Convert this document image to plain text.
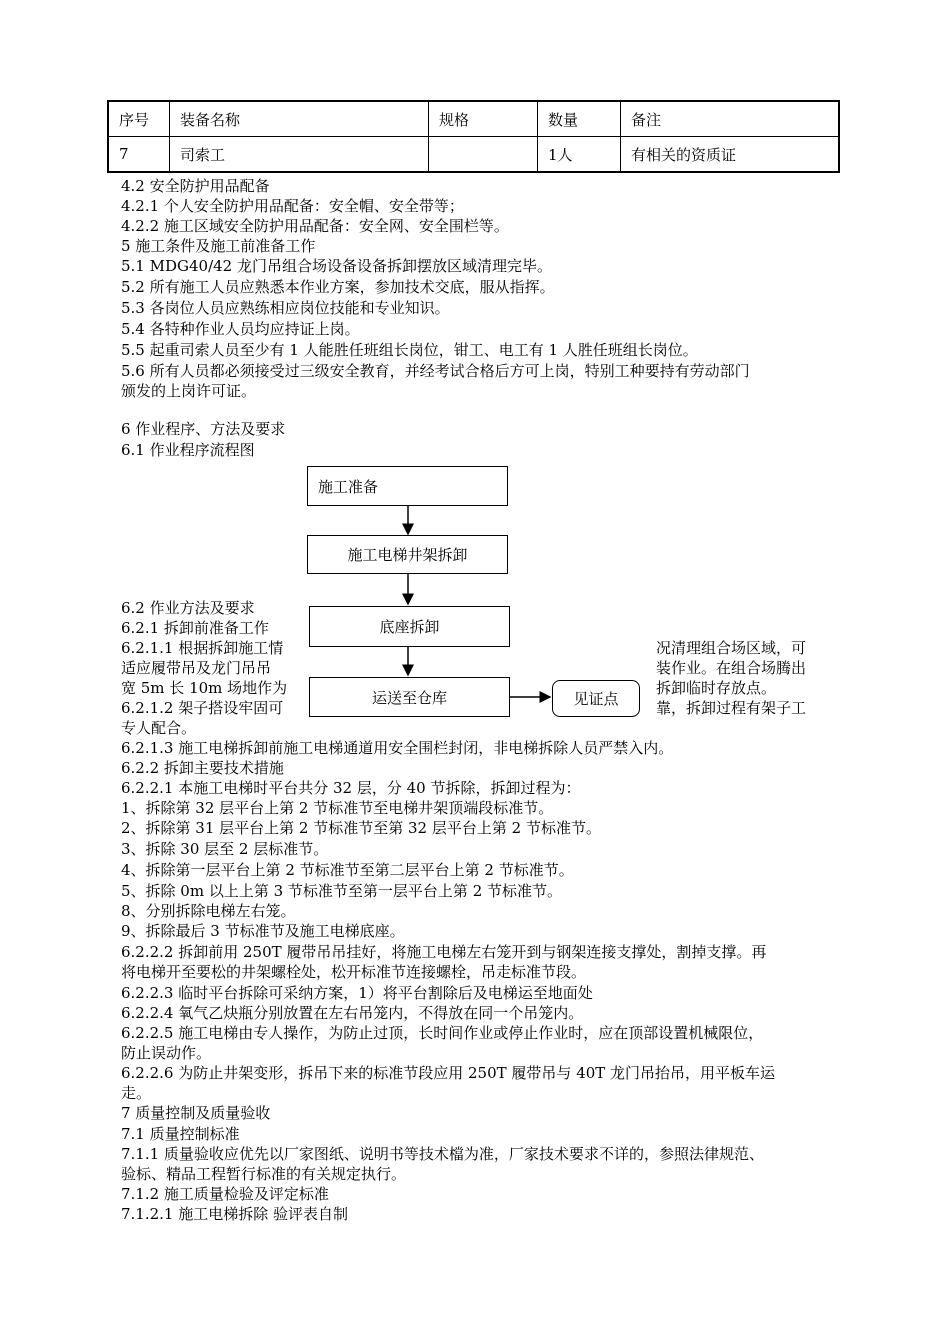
序号	装备名称	规格	数量	备注
7	司索工		1人	有相关的资质证
4.2 安全防护用品配备
4.2.1 个人安全防护用品配备：安全帽、安全带等；
4.2.2 施工区域安全防护用品配备：安全网、安全围栏等。
5 施工条件及施工前准备工作
5.1 MDG40/42 龙门吊组合场设备设备拆卸摆放区域清理完毕。
5.2 所有施工人员应熟悉本作业方案，参加技术交底，服从指挥。
5.3 各岗位人员应熟练相应岗位技能和专业知识。
5.4 各特种作业人员均应持证上岗。
5.5 起重司索人员至少有 1 人能胜任班组长岗位，钳工、电工有 1 人胜任班组长岗位。
5.6 所有人员都必须接受过三级安全教育，并经考试合格后方可上岗，特别工种要持有劳动部门
颁发的上岗许可证。
6 作业程序、方法及要求
6.1 作业程序流程图
施工准备
施工电梯井架拆卸
6.2 作业方法及要求
6.2.1 拆卸前准备工作
6.2.1.1 根据拆卸施工情
适应履带吊及龙门吊吊
宽 5m 长 10m 场地作为
6.2.1.2 架子搭设牢固可
专人配合。
底座拆卸
运送至仓库	见证点
况清理组合场区域，可
装作业。在组合场腾出
拆卸临时存放点。
靠，拆卸过程有架子工
6.2.1.3 施工电梯拆卸前施工电梯通道用安全围栏封闭，非电梯拆除人员严禁入内。
6.2.2 拆卸主要技术措施
6.2.2.1 本施工电梯时平台共分 32 层，分 40 节拆除，拆卸过程为：
1、拆除第 32 层平台上第 2 节标准节至电梯井架顶端段标准节。
2、拆除第 31 层平台上第 2 节标准节至第 32 层平台上第 2 节标准节。
3、拆除 30 层至 2 层标准节。
4、拆除第一层平台上第 2 节标准节至第二层平台上第 2 节标准节。
5、拆除 0m 以上上第 3 节标准节至第一层平台上第 2 节标准节。
8、分别拆除电梯左右笼。
9、拆除最后 3 节标准节及施工电梯底座。
6.2.2.2 拆卸前用 250T 履带吊吊挂好，将施工电梯左右笼开到与钢架连接支撑处，割掉支撑。再
将电梯开至要松的井架螺栓处，松开标准节连接螺栓，吊走标准节段。
6.2.2.3 临时平台拆除可采纳方案，1）将平台割除后及电梯运至地面处
6.2.2.4 氧气乙炔瓶分别放置在左右吊笼内，不得放在同一个吊笼内。
6.2.2.5 施工电梯由专人操作，为防止过顶，长时间作业或停止作业时，应在顶部设置机械限位，
防止误动作。
6.2.2.6 为防止井架变形，拆吊下来的标准节段应用 250T 履带吊与 40T 龙门吊抬吊，用平板车运
走。
7 质量控制及质量验收
7.1 质量控制标准
7.1.1 质量验收应优先以厂家图纸、说明书等技术檔为准，厂家技术要求不详的，参照法律规范、
验标、精品工程暂行标准的有关规定执行。
7.1.2 施工质量检验及评定标准
7.1.2.1 施工电梯拆除 验评表自制
